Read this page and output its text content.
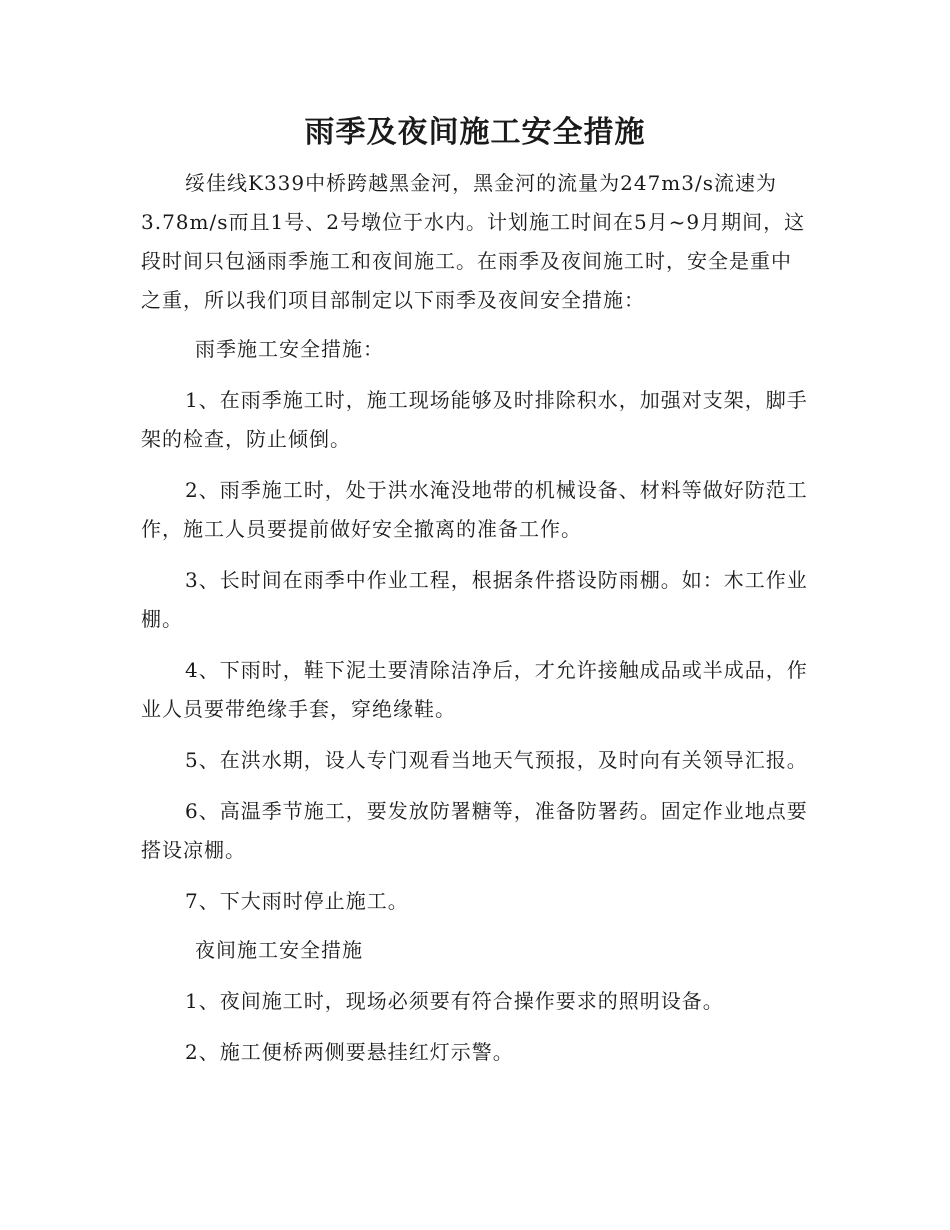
雨季及夜间施工安全措施

绥佳线K339中桥跨越黑金河，黑金河的流量为247m3/s流速为3.78m/s而且1号、2号墩位于水内。计划施工时间在5月~9月期间，这段时间只包涵雨季施工和夜间施工。在雨季及夜间施工时，安全是重中之重，所以我们项目部制定以下雨季及夜间安全措施：

雨季施工安全措施：

1、在雨季施工时，施工现场能够及时排除积水，加强对支架，脚手架的检查，防止倾倒。

2、雨季施工时，处于洪水淹没地带的机械设备、材料等做好防范工作，施工人员要提前做好安全撤离的准备工作。

3、长时间在雨季中作业工程，根据条件搭设防雨棚。如：木工作业棚。

4、下雨时，鞋下泥土要清除洁净后，才允许接触成品或半成品，作业人员要带绝缘手套，穿绝缘鞋。

5、在洪水期，设人专门观看当地天气预报，及时向有关领导汇报。

6、高温季节施工，要发放防署糖等，准备防署药。固定作业地点要搭设凉棚。

7、下大雨时停止施工。

夜间施工安全措施

1、夜间施工时，现场必须要有符合操作要求的照明设备。

2、施工便桥两侧要悬挂红灯示警。
